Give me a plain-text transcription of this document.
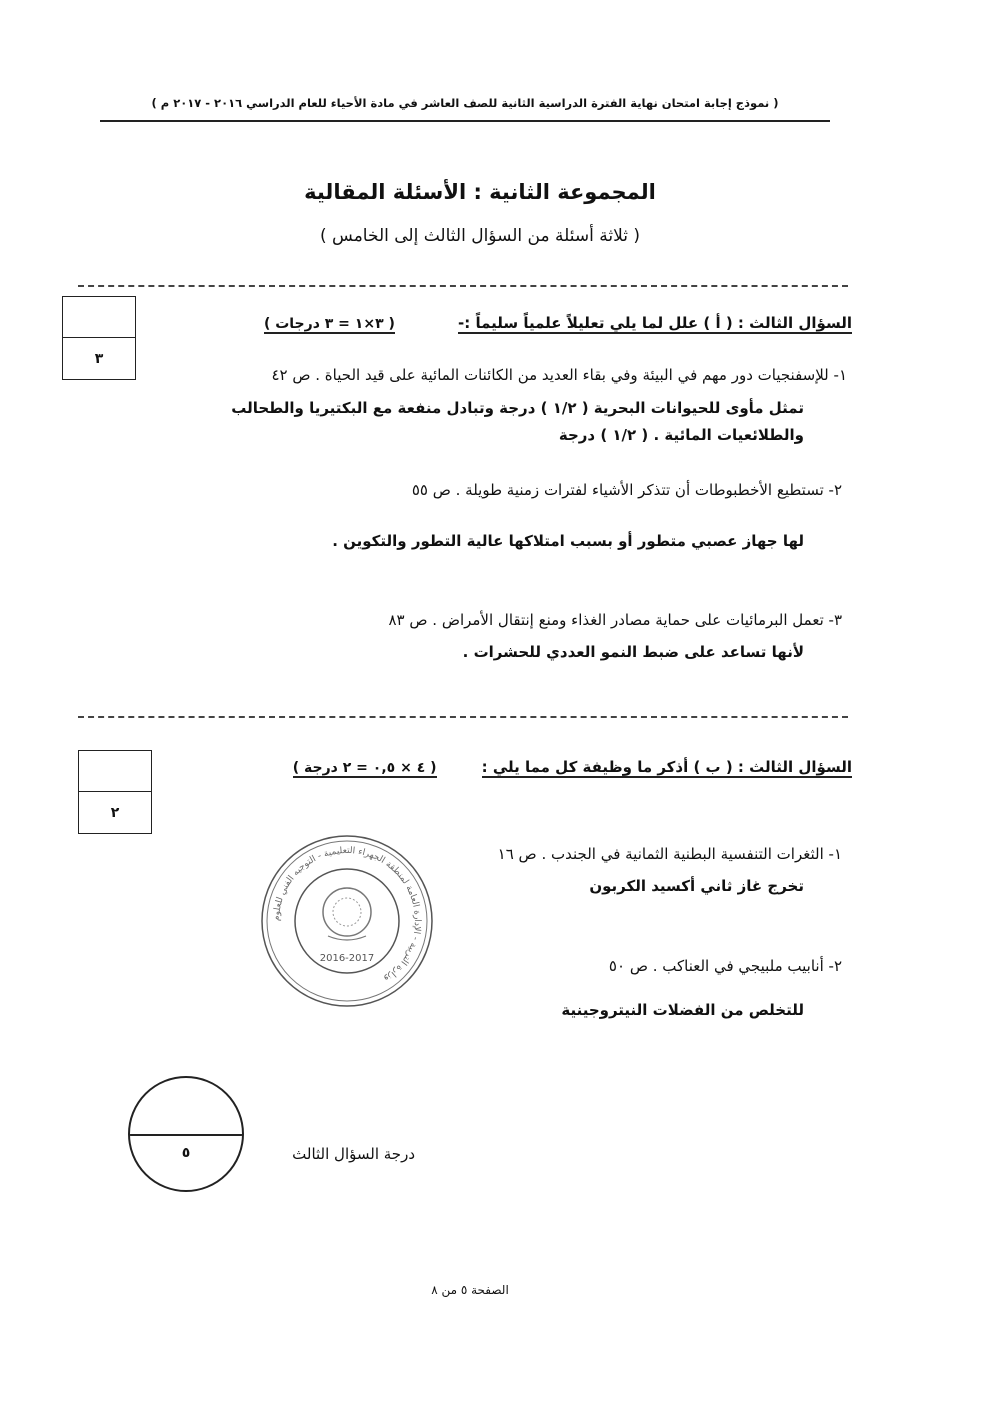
( نموذج إجابة امتحان نهاية الفترة الدراسية الثانية للصف العاشر في مادة الأحياء للعام الدراسي ٢٠١٦ - ٢٠١٧ م )
المجموعة الثانية : الأسئلة المقالية
( ثلاثة أسئلة من السؤال الثالث إلى الخامس )
٣
السؤال الثالث : ( أ ) علل لما يلي تعليلاً علمياً سليماً :- ( ٣×١ = ٣ درجات )
١- للإسفنجيات دور مهم في البيئة وفي بقاء العديد من الكائنات المائية على قيد الحياة . ص ٤٢
تمثل مأوى للحيوانات البحرية ( ١/٢ ) درجة وتبادل منفعة مع البكتيريا والطحالب
والطلائعيات المائية . ( ١/٢ ) درجة
٢- تستطيع الأخطبوطات أن تتذكر الأشياء لفترات زمنية طويلة . ص ٥٥
لها جهاز عصبي متطور أو بسبب امتلاكها عالية التطور والتكوين .
٣- تعمل البرمائيات على حماية مصادر الغذاء ومنع إنتقال الأمراض . ص ٨٣
لأنها تساعد على ضبط النمو العددي للحشرات .
٢
السؤال الثالث : ( ب ) أذكر ما وظيفة كل مما يلي : ( ٤ × ٠,٥ = ٢ درجة )
١- الثغرات التنفسية البطنية الثمانية في الجندب . ص ١٦
تخرج غاز ثاني أكسيد الكربون
٢- أنابيب ملبيجي في العناكب . ص ٥٠
للتخلص من الفضلات النيتروجينية
وزارة التربية - الإدارة العامة لمنطقة الجهراء التعليمية - التوجيه الفني للعلوم
2016-2017
٥	درجة السؤال الثالث
الصفحة ٥ من ٨
